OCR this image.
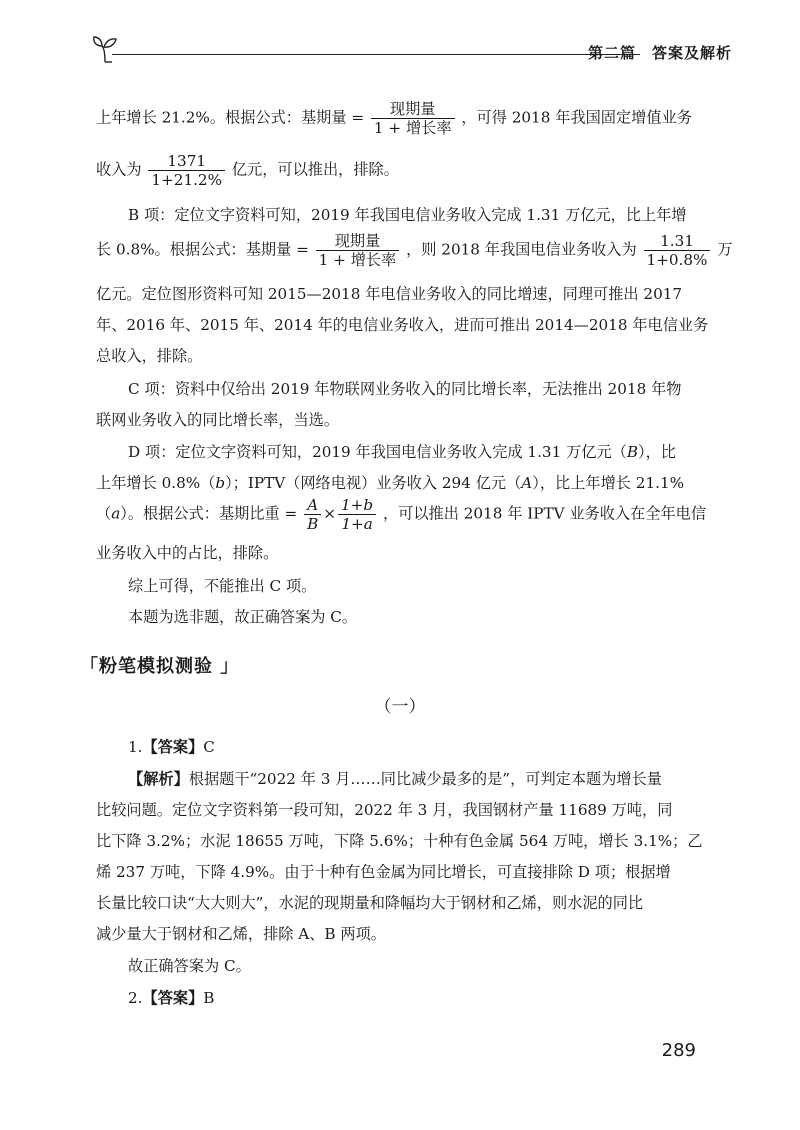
第二篇　答案及解析
上年增长 21.2%。根据公式：基期量 = $\frac{\text{现期量}}{\text{1 + 增长率}}$ ，可得 2018 年我国固定增值业务
收入为 $\frac{1371}{1+21.2\%}$ 亿元，可以推出，排除。
B 项：定位文字资料可知，2019 年我国电信业务收入完成 1.31 万亿元，比上年增
长 0.8%。根据公式：基期量 = $\frac{\text{现期量}}{\text{1 + 增长率}}$ ，则 2018 年我国电信业务收入为 $\frac{1.31}{1+0.8\%}$ 万
亿元。定位图形资料可知 2015—2018 年电信业务收入的同比增速，同理可推出 2017
年、2016 年、2015 年、2014 年的电信业务收入，进而可推出 2014—2018 年电信业务
总收入，排除。
C 项：资料中仅给出 2019 年物联网业务收入的同比增长率，无法推出 2018 年物
联网业务收入的同比增长率，当选。
D 项：定位文字资料可知，2019 年我国电信业务收入完成 1.31 万亿元（B），比
上年增长 0.8%（b）；IPTV（网络电视）业务收入 294 亿元（A），比上年增长 21.1%
（a）。根据公式：基期比重 = $\frac{A}{B} \times \frac{1+b}{1+a}$ ，可以推出 2018 年 IPTV 业务收入在全年电信
业务收入中的占比，排除。
综上可得，不能推出 C 项。
本题为选非题，故正确答案为 C。
「粉笔模拟测验 」
（一）
1.【答案】C
【解析】根据题干“2022 年 3 月……同比减少最多的是”，可判定本题为增长量
比较问题。定位文字资料第一段可知，2022 年 3 月，我国钢材产量 11689 万吨，同
比下降 3.2%；水泥 18655 万吨，下降 5.6%；十种有色金属 564 万吨，增长 3.1%；乙
烯 237 万吨，下降 4.9%。由于十种有色金属为同比增长，可直接排除 D 项；根据增
长量比较口诀“大大则大”，水泥的现期量和降幅均大于钢材和乙烯，则水泥的同比
减少量大于钢材和乙烯，排除 A、B 两项。
故正确答案为 C。
2.【答案】B
289
